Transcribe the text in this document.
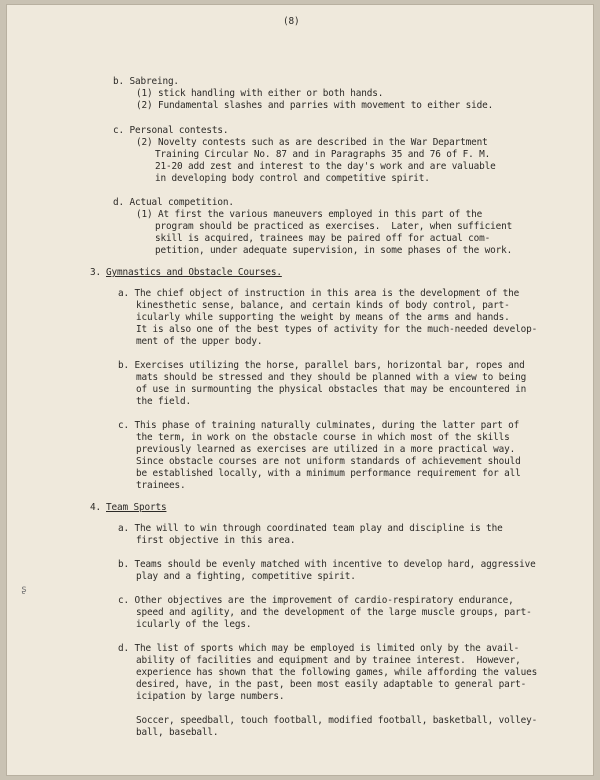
(8)
b. Sabreing.
(1) stick handling with either or both hands.
(2) Fundamental slashes and parries with movement to either side.
c. Personal contests.
(2) Novelty contests such as are described in the War Department
Training Circular No. 87 and in Paragraphs 35 and 76 of F. M.
21-20 add zest and interest to the day's work and are valuable
in developing body control and competitive spirit.
d. Actual competition.
(1) At first the various maneuvers employed in this part of the
program should be practiced as exercises.  Later, when sufficient
skill is acquired, trainees may be paired off for actual com-
petition, under adequate supervision, in some phases of the work.
3. Gymnastics and Obstacle Courses.
a. The chief object of instruction in this area is the development of the
kinesthetic sense, balance, and certain kinds of body control, part-
icularly while supporting the weight by means of the arms and hands.
It is also one of the best types of activity for the much-needed develop-
ment of the upper body.
b. Exercises utilizing the horse, parallel bars, horizontal bar, ropes and
mats should be stressed and they should be planned with a view to being
of use in surmounting the physical obstacles that may be encountered in
the field.
c. This phase of training naturally culminates, during the latter part of
the term, in work on the obstacle course in which most of the skills
previously learned as exercises are utilized in a more practical way.
Since obstacle courses are not uniform standards of achievement should
be established locally, with a minimum performance requirement for all
trainees.
4. Team Sports
a. The will to win through coordinated team play and discipline is the
first objective in this area.
b. Teams should be evenly matched with incentive to develop hard, aggressive
play and a fighting, competitive spirit.
c. Other objectives are the improvement of cardio-respiratory endurance,
speed and agility, and the development of the large muscle groups, part-
icularly of the legs.
d. The list of sports which may be employed is limited only by the avail-
ability of facilities and equipment and by trainee interest.  However,
experience has shown that the following games, while affording the values
desired, have, in the past, been most easily adaptable to general part-
icipation by large numbers.
Soccer, speedball, touch football, modified football, basketball, volley-
ball, baseball.
ʂ
